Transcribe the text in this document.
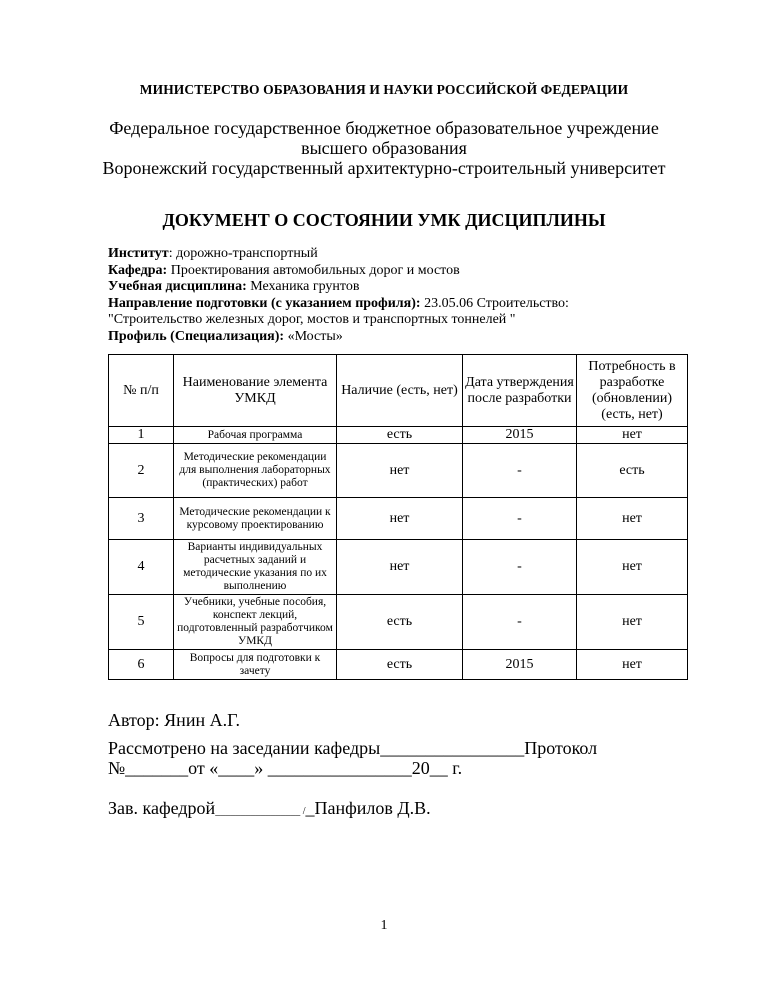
МИНИСТЕРСТВО ОБРАЗОВАНИЯ И НАУКИ РОССИЙСКОЙ ФЕДЕРАЦИИ
Федеральное государственное бюджетное образовательное учреждение
высшего образования
Воронежский государственный архитектурно-строительный университет
ДОКУМЕНТ О СОСТОЯНИИ УМК ДИСЦИПЛИНЫ
Институт: дорожно-транспортный
Кафедра: Проектирования автомобильных дорог и мостов
Учебная дисциплина: Механика грунтов
Направление подготовки (с указанием профиля): 23.05.06 Строительство:
"Строительство железных дорог, мостов и транспортных тоннелей "
Профиль (Специализация): «Мосты»
№ п/п	Наименование элемента УМКД	Наличие (есть, нет)	Дата утверждения после разработки	Потребность в разработке (обновлении) (есть, нет)
1	Рабочая программа	есть	2015	нет
2	Методические рекомендации для выполнения лабораторных (практических) работ	нет	-	есть
3	Методические рекомендации к курсовому проектированию	нет	-	нет
4	Варианты индивидуальных расчетных заданий и методические указания по их выполнению	нет	-	нет
5	Учебники, учебные пособия, конспект лекций, подготовленный разработчиком УМКД	есть	-	нет
6	Вопросы для подготовки к зачету	есть	2015	нет
Автор: Янин А.Г.
Рассмотрено на заседании кафедры________________Протокол
№_______от «____» ________________20__ г.
Зав. кафедрой_________________ /_Панфилов Д.В.
1
